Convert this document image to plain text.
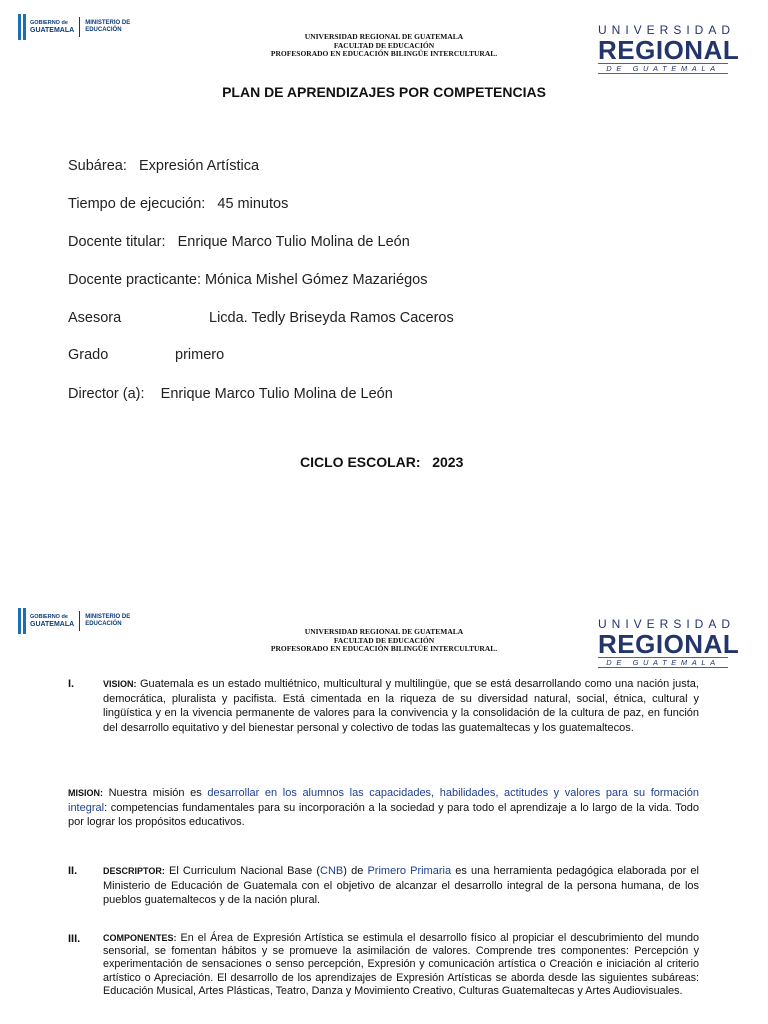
GOBIERNO de
GUATEMALA
MINISTERIO DE
EDUCACIÓN
UNIVERSIDAD REGIONAL DE GUATEMALA
FACULTAD DE EDUCACIÓN
PROFESORADO EN EDUCACIÓN BILINGÜE INTERCULTURAL.
UNIVERSIDAD
REGIONAL
DE GUATEMALA
PLAN DE APRENDIZAJES POR COMPETENCIAS
Subárea: Expresión Artística
Tiempo de ejecución: 45 minutos
Docente titular: Enrique Marco Tulio Molina de León
Docente practicante: Mónica Mishel Gómez Mazariégos
Asesora	Licda. Tedly Briseyda Ramos Caceros
Grado	primero
Director (a): Enrique Marco Tulio Molina de León
CICLO ESCOLAR: 2023
GOBIERNO de
GUATEMALA
MINISTERIO DE
EDUCACIÓN
UNIVERSIDAD REGIONAL DE GUATEMALA
FACULTAD DE EDUCACIÓN
PROFESORADO EN EDUCACIÓN BILINGÜE INTERCULTURAL.
UNIVERSIDAD
REGIONAL
DE GUATEMALA
I.	VISION: Guatemala es un estado multiétnico, multicultural y multilingüe, que se está desarrollando como una nación justa, democrática, pluralista y pacifista. Está cimentada en la riqueza de su diversidad natural, social, étnica, cultural y lingüística y en la vivencia permanente de valores para la convivencia y la consolidación de la cultura de paz, en función del desarrollo equitativo y del bienestar personal y colectivo de todas las guatemaltecas y los guatemaltecos.
MISION: Nuestra misión es desarrollar en los alumnos las capacidades, habilidades, actitudes y valores para su formación integral: competencias fundamentales para su incorporación a la sociedad y para todo el aprendizaje a lo largo de la vida. Todo por lograr los propósitos educativos.
II.	DESCRIPTOR: El Curriculum Nacional Base (CNB) de Primero Primaria es una herramienta pedagógica elaborada por el Ministerio de Educación de Guatemala con el objetivo de alcanzar el desarrollo integral de la persona humana, de los pueblos guatemaltecos y de la nación plural.
III.	COMPONENTES: En el Área de Expresión Artística se estimula el desarrollo físico al propiciar el descubrimiento del mundo sensorial, se fomentan hábitos y se promueve la asimilación de valores. Comprende tres componentes: Percepción y experimentación de sensaciones o senso percepción, Expresión y comunicación artística o Creación e iniciación al criterio artístico o Apreciación. El desarrollo de los aprendizajes de Expresión Artísticas se aborda desde las siguientes subáreas: Educación Musical, Artes Plásticas, Teatro, Danza y Movimiento Creativo, Culturas Guatemaltecas y Artes Audiovisuales.
